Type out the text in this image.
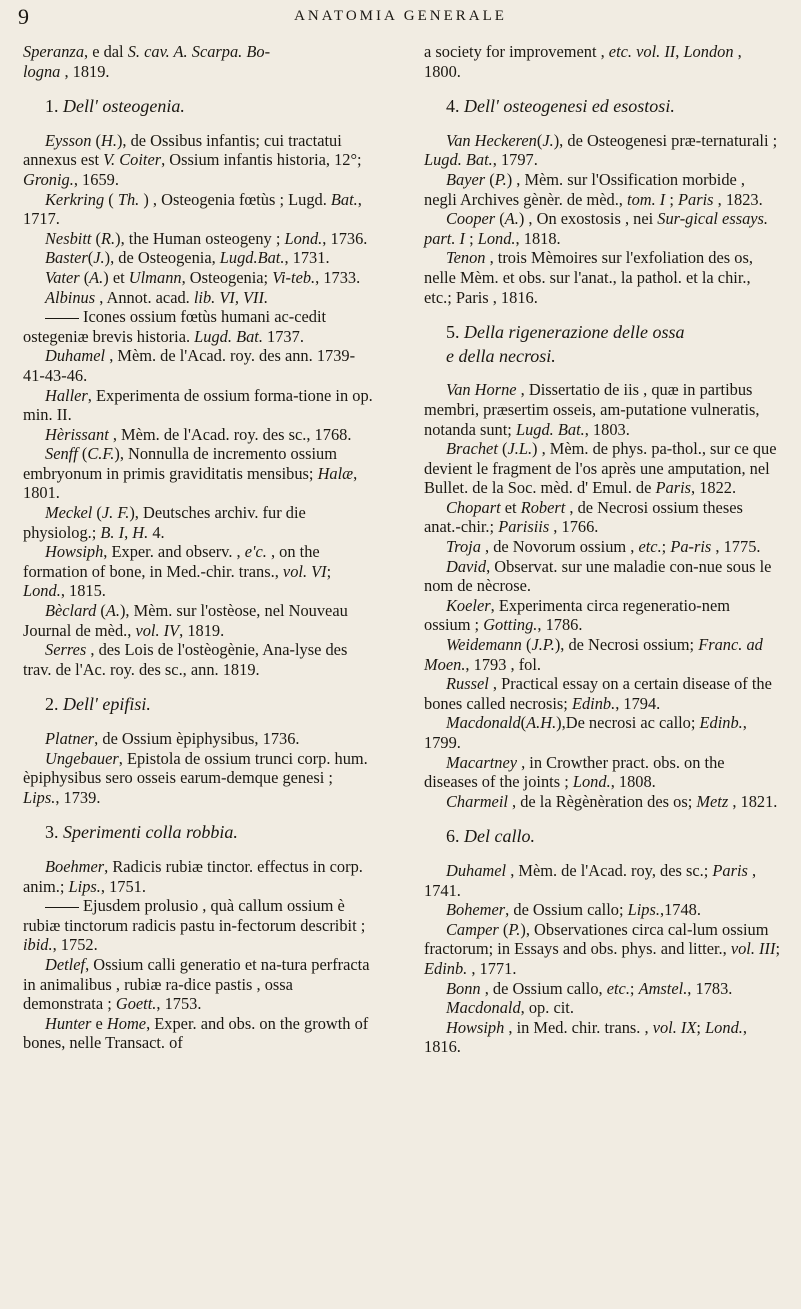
9	ANATOMIA GENERALE

Speranza, e dal S. cav. A. Scarpa. Bo-
logna , 1819.

1. Dell' osteogenia.

Eysson (H.), de Ossibus infantis; cui tractatui annexus est V. Coiter, Ossium infantis historia, 12°; Gronig., 1659.

Kerkring ( Th. ) , Osteogenia fœtùs ; Lugd. Bat., 1717.

Nesbitt (R.), the Human osteogeny ; Lond., 1736.

Baster(J.), de Osteogenia, Lugd.Bat., 1731.

Vater (A.) et Ulmann, Osteogenia; Vi-teb., 1733.

Albinus , Annot. acad. lib. VI, VII.

Icones ossium fœtùs humani ac-cedit ostegeniæ brevis historia. Lugd. Bat. 1737.

Duhamel , Mèm. de l'Acad. roy. des ann. 1739-41-43-46.

Haller, Experimenta de ossium forma-tione in op. min. II.

Hèrissant , Mèm. de l'Acad. roy. des sc., 1768.

Senff (C.F.), Nonnulla de incremento ossium embryonum in primis graviditatis mensibus; Halæ, 1801.

Meckel (J. F.), Deutsches archiv. fur die physiolog.; B. I, H. 4.

Howsiph, Exper. and observ. , e'c. , on the formation of bone, in Med.-chir. trans., vol. VI; Lond., 1815.

Bèclard (A.), Mèm. sur l'ostèose, nel Nouveau Journal de mèd., vol. IV, 1819.

Serres , des Lois de l'ostèogènie, Ana-lyse des trav. de l'Ac. roy. des sc., ann. 1819.

2. Dell' epifisi.

Platner, de Ossium èpiphysibus, 1736.

Ungebauer, Epistola de ossium trunci corp. hum. èpiphysibus sero osseis earum-demque genesi ; Lips., 1739.

3. Sperimenti colla robbia.

Boehmer, Radicis rubiæ tinctor. effectus in corp. anim.; Lips., 1751.

Ejusdem prolusio , quà callum ossium è rubiæ tinctorum radicis pastu in-fectorum describit ; ibid., 1752.

Detlef, Ossium calli generatio et na-tura perfracta in animalibus , rubiæ ra-dice pastis , ossa demonstrata ; Goett., 1753.

Hunter e Home, Exper. and obs. on the growth of bones, nelle Transact. of

a society for improvement , etc. vol. II, London , 1800.

4. Dell' osteogenesi ed esostosi.

Van Heckeren(J.), de Osteogenesi præ-ternaturali ; Lugd. Bat., 1797.

Bayer (P.) , Mèm. sur l'Ossification morbide , negli Archives gènèr. de mèd., tom. I ; Paris , 1823.

Cooper (A.) , On exostosis , nei Sur-gical essays. part. I ; Lond., 1818.

Tenon , trois Mèmoires sur l'exfoliation des os, nelle Mèm. et obs. sur l'anat., la pathol. et la chir., etc.; Paris , 1816.

5. Della rigenerazione delle ossa
e della necrosi.

Van Horne , Dissertatio de iis , quæ in partibus membri, præsertim osseis, am-putatione vulneratis, notanda sunt; Lugd. Bat., 1803.

Brachet (J.L.) , Mèm. de phys. pa-thol., sur ce que devient le fragment de l'os après une amputation, nel Bullet. de la Soc. mèd. d' Emul. de Paris, 1822.

Chopart et Robert , de Necrosi ossium theses anat.-chir.; Parisiis , 1766.

Troja , de Novorum ossium , etc.; Pa-ris , 1775.

David, Observat. sur une maladie con-nue sous le nom de nècrose.

Koeler, Experimenta circa regeneratio-nem ossium ; Gotting., 1786.

Weidemann (J.P.), de Necrosi ossium; Franc. ad Moen., 1793 , fol.

Russel , Practical essay on a certain disease of the bones called necrosis; Edinb., 1794.

Macdonald(A.H.),De necrosi ac callo; Edinb., 1799.

Macartney , in Crowther pract. obs. on the diseases of the joints ; Lond., 1808.

Charmeil , de la Règènèration des os; Metz , 1821.

6. Del callo.

Duhamel , Mèm. de l'Acad. roy, des sc.; Paris , 1741.

Bohemer, de Ossium callo; Lips.,1748.

Camper (P.), Observationes circa cal-lum ossium fractorum; in Essays and obs. phys. and litter., vol. III; Edinb. , 1771.

Bonn , de Ossium callo, etc.; Amstel., 1783.

Macdonald, op. cit.

Howsiph , in Med. chir. trans. , vol. IX; Lond., 1816.
